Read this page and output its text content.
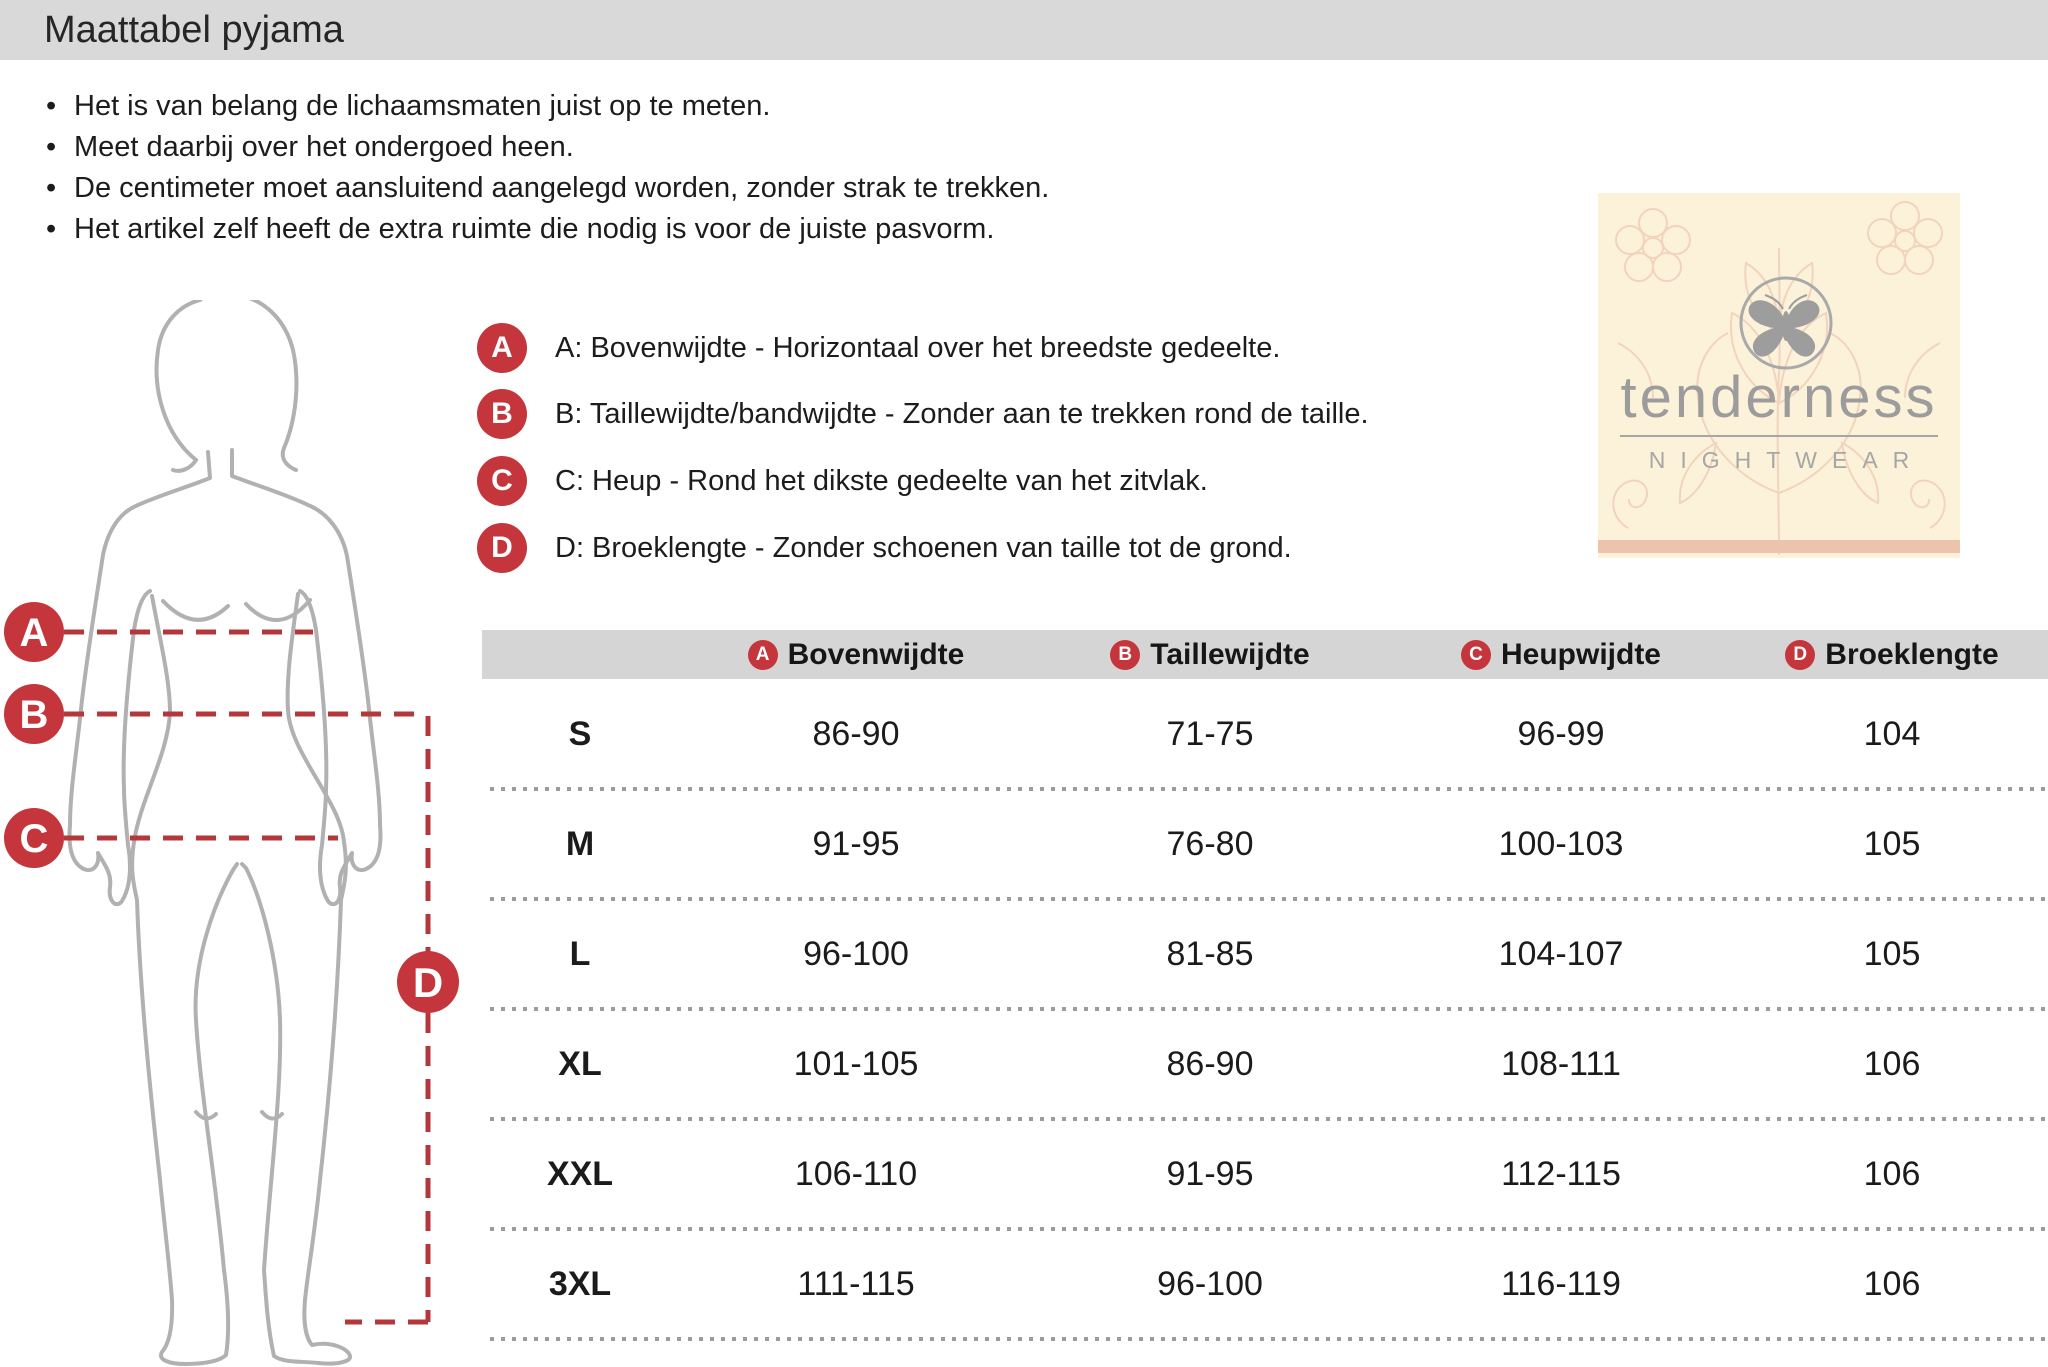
Maattabel pyjama
• Het is van belang de lichaamsmaten juist op te meten.
• Meet daarbij over het ondergoed heen.
• De centimeter moet aansluitend aangelegd worden, zonder strak te trekken.
• Het artikel zelf heeft de extra ruimte die nodig is voor de juiste pasvorm.
A A: Bovenwijdte - Horizontaal over het breedste gedeelte.
B B: Taillewijdte/bandwijdte - Zonder aan te trekken rond de taille.
C C: Heup - Rond het dikste gedeelte van het zitvlak.
D D: Broeklengte - Zonder schoenen van taille tot de grond.
tenderness
NIGHTWEAR
A
B
C
D
A Bovenwijdte	B Taillewijdte	C Heupwijdte	D Broeklengte
S	86-90	71-75	96-99	104
M	91-95	76-80	100-103	105
L	96-100	81-85	104-107	105
XL	101-105	86-90	108-111	106
XXL	106-110	91-95	112-115	106
3XL	111-115	96-100	116-119	106
